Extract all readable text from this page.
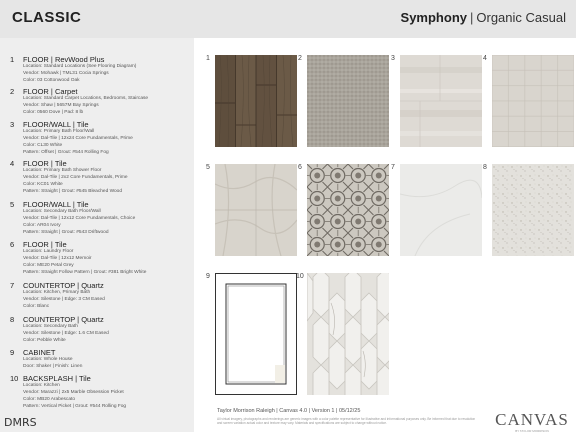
CLASSIC	Symphony | Organic Casual
1 FLOOR | RevWood Plus
Location: Standard Locations (See Flooring Diagram)
Vendor: Mohawk | TML31 Cocia Springs
Color: 03 Cottonwood Oak
2 FLOOR | Carpet
Location: Standard Carpet Locations, Bedrooms, Staircase
Vendor: Shaw | 5657M Bay Springs
Color: 0560 Dove | Pad: 8 lb
3 FLOOR/WALL | Tile
Location: Primary Bath Floor/Wall
Vendor: Dal-Tile | 12x24 Core Fundamentals, Prime
Color: CL30 White
Pattern: Offset | Grout: #544 Rolling Fog
4 FLOOR | Tile
Location: Primary Bath Shower Floor
Vendor: Dal-Tile | 2x2 Core Fundamentals, Prime
Color: KC01 White
Pattern: Straight | Grout: #545 Bleached Wood
5 FLOOR/WALL | Tile
Location: Secondary Bath Floor/Wall
Vendor: Dal-Tile | 12x12 Core Fundamentals, Choice
Color: AR04 Ivory
Pattern: Straight | Grout: #543 Driftwood
6 FLOOR | Tile
Location: Laundry Floor
Vendor: Dal-Tile | 12x12 Memoir
Color: ME20 Petal Grey
Pattern: Straight Follow Pattern | Grout: #381 Bright White
7 COUNTERTOP | Quartz
Location: Kitchen, Primary Bath
Vendor: Silestone | Edge: 3 CM Eased
Color: Blanc
8 COUNTERTOP | Quartz
Location: Secondary Bath
Vendor: Silestone | Edge: 1.6 CM Eased
Color: Pebble White
9 CABINET
Location: Whole House
Door: Shaker | Finish: Linen
10 BACKSPLASH | Tile
Location: Kitchen
Vendor: Marazzi | 2x5 Marble Obsession Picket
Color: MB20 Arabescato
Pattern: Vertical Picket | Grout: #544 Rolling Fog
1	2	3	4
5	6	7	8
9	10
Taylor Morrison Raleigh | Canvas 4.0 | Version 1 | 05/12/25
All virtual imagery, photographs and renderings are generic images with a color palette representative for illustrative and informational purposes only. Be informed that due to resolution and screen variation actual color and texture may vary. Materials and specifications are subject to change without notice.	CANVAS
BY TAYLOR MORRISON
DMRS
